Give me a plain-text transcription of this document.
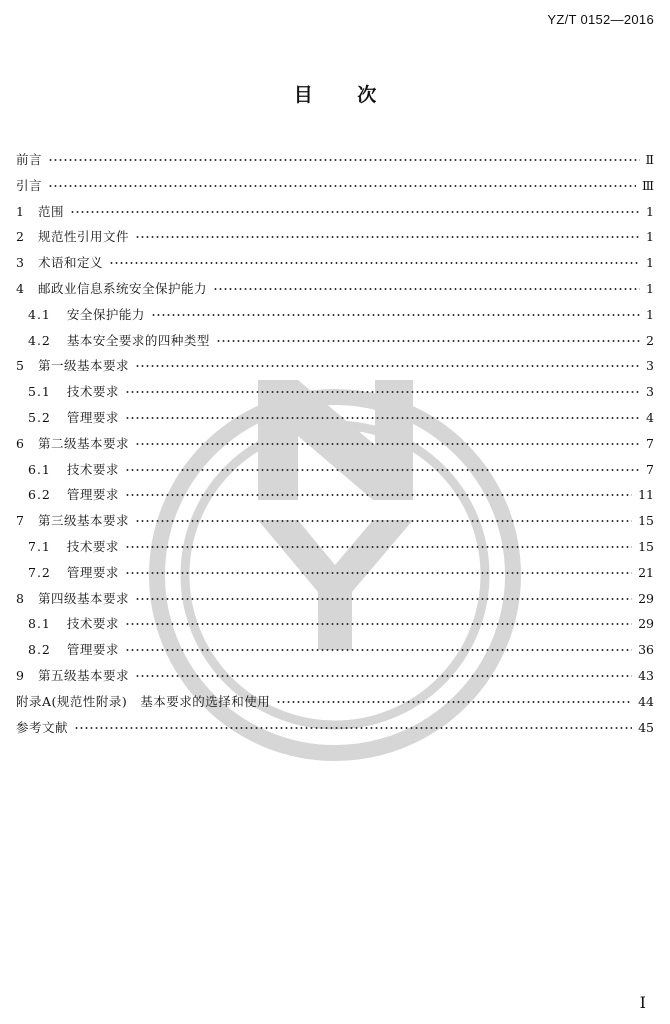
YZ/T 0152—2016
目 次
前言	Ⅱ
引言	Ⅲ
1 范围	1
2 规范性引用文件	1
3 术语和定义	1
4 邮政业信息系统安全保护能力	1
4.1 安全保护能力	1
4.2 基本安全要求的四种类型	2
5 第一级基本要求	3
5.1 技术要求	3
5.2 管理要求	4
6 第二级基本要求	7
6.1 技术要求	7
6.2 管理要求	11
7 第三级基本要求	15
7.1 技术要求	15
7.2 管理要求	21
8 第四级基本要求	29
8.1 技术要求	29
8.2 管理要求	36
9 第五级基本要求	43
附录A(规范性附录)　基本要求的选择和使用	44
参考文献	45
Ⅰ
